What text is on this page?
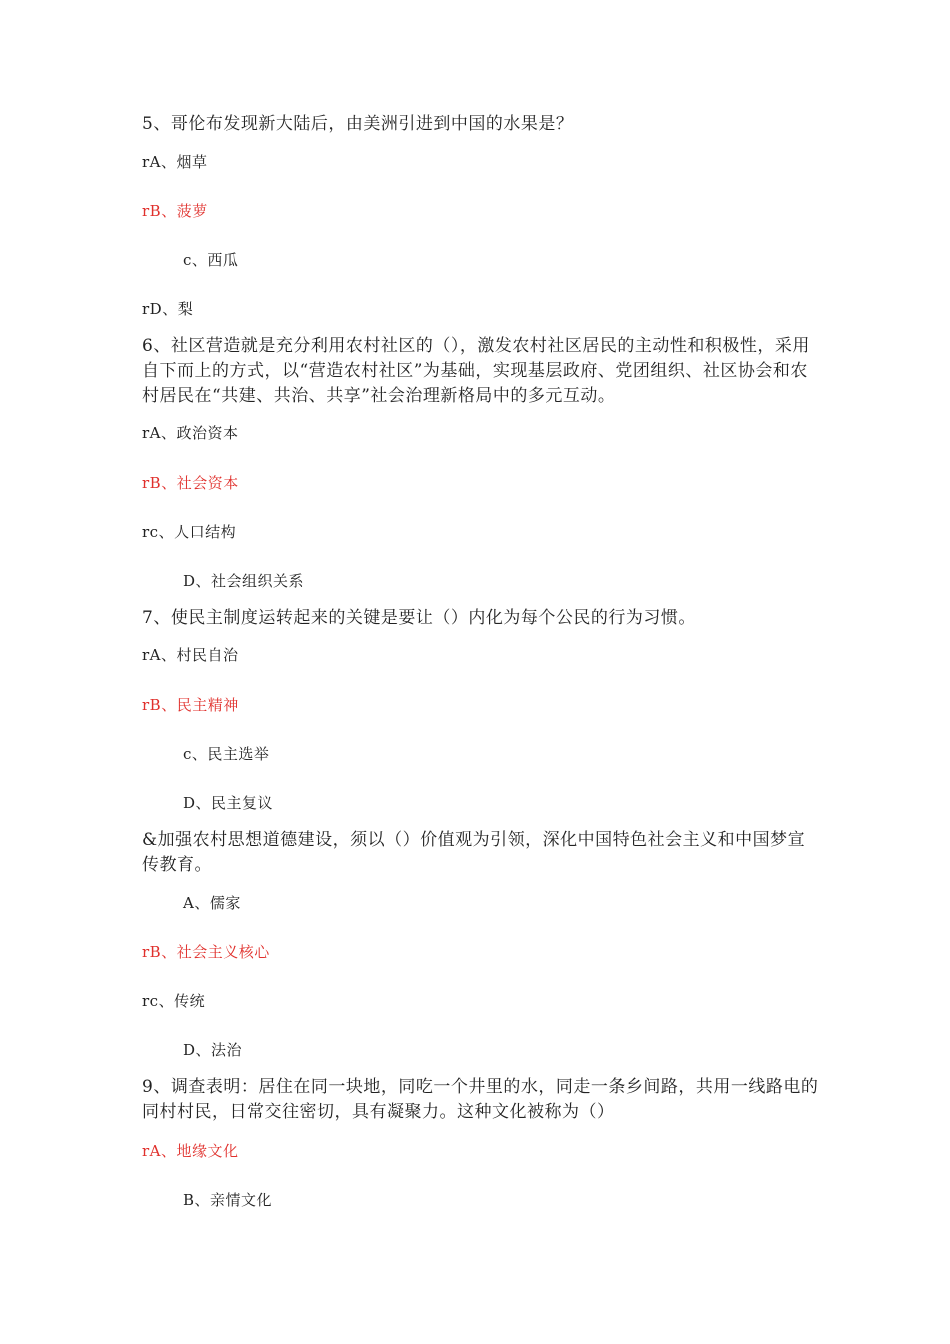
5、哥伦布发现新大陆后，由美洲引进到中国的水果是？
rA、烟草
rB、菠萝
c、西瓜
rD、梨
6、社区营造就是充分利用农村社区的（），激发农村社区居民的主动性和积极性，采用自下而上的方式，以“营造农村社区”为基础，实现基层政府、党团组织、社区协会和农村居民在“共建、共治、共享”社会治理新格局中的多元互动。
rA、政治资本
rB、社会资本
rc、人口结构
D、社会组织关系
7、使民主制度运转起来的关键是要让（）内化为每个公民的行为习惯。
rA、村民自治
rB、民主精神
c、民主选举
D、民主复议
&加强农村思想道德建设，须以（）价值观为引领，深化中国特色社会主义和中国梦宣传教育。
A、儒家
rB、社会主义核心
rc、传统
D、法治
9、调查表明：居住在同一块地，同吃一个井里的水，同走一条乡间路，共用一线路电的同村村民，日常交往密切，具有凝聚力。这种文化被称为（）
rA、地缘文化
B、亲情文化
